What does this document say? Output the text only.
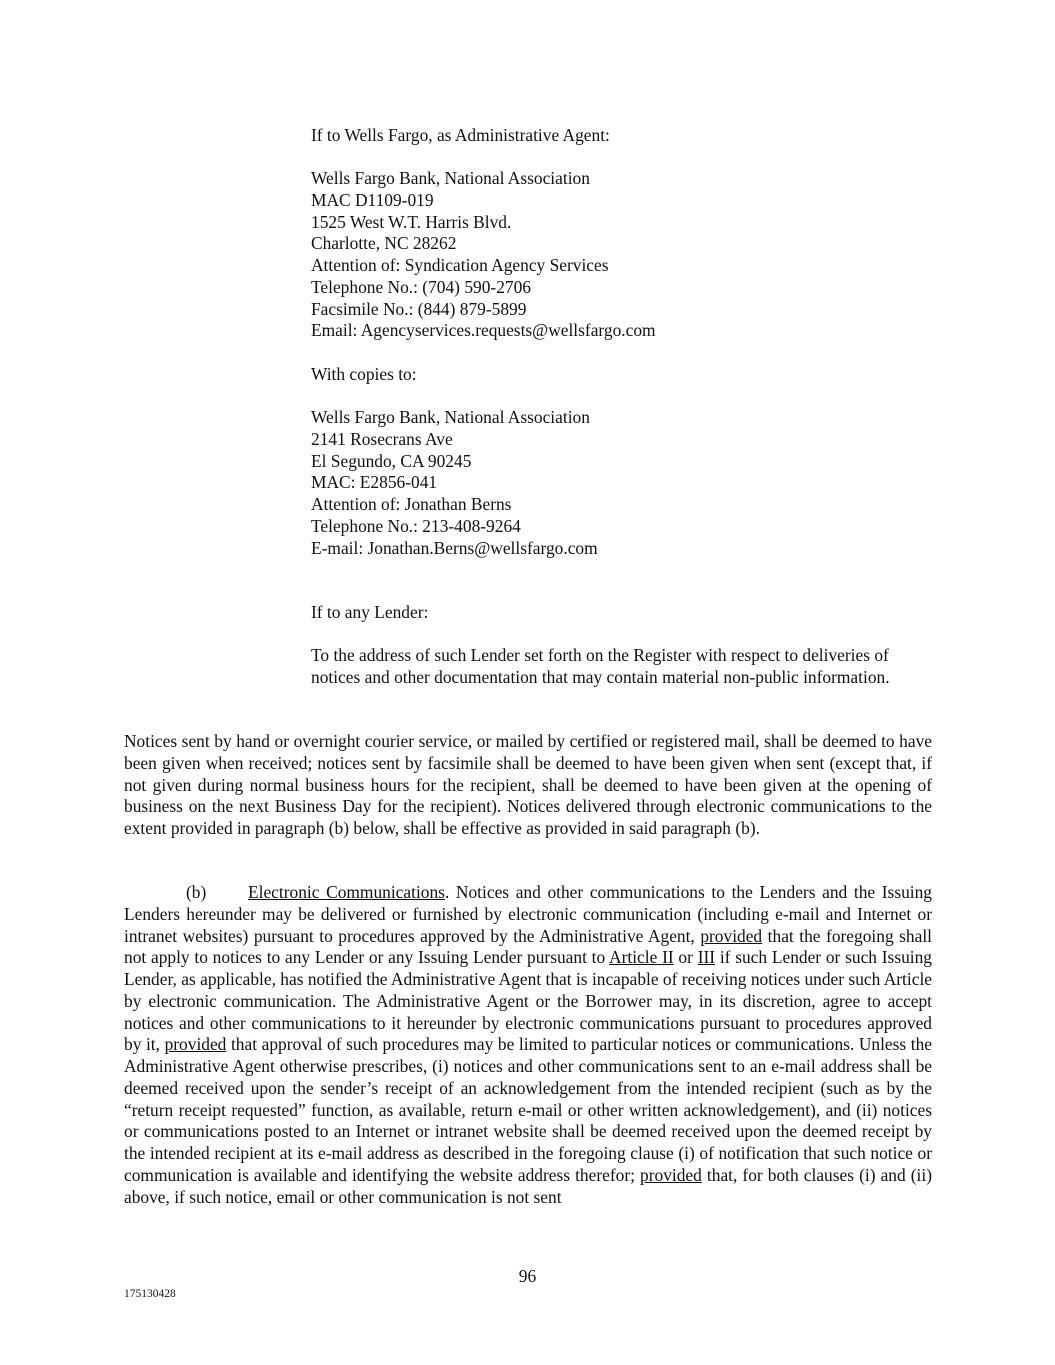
If to Wells Fargo, as Administrative Agent:
Wells Fargo Bank, National Association
MAC D1109-019
1525 West W.T. Harris Blvd.
Charlotte, NC 28262
Attention of: Syndication Agency Services
Telephone No.: (704) 590-2706
Facsimile No.: (844) 879-5899
Email: Agencyservices.requests@wellsfargo.com
With copies to:
Wells Fargo Bank, National Association
2141 Rosecrans Ave
El Segundo, CA 90245
MAC: E2856-041
Attention of: Jonathan Berns
Telephone No.: 213-408-9264
E-mail: Jonathan.Berns@wellsfargo.com
If to any Lender:
To the address of such Lender set forth on the Register with respect to deliveries of notices and other documentation that may contain material non-public information.
Notices sent by hand or overnight courier service, or mailed by certified or registered mail, shall be deemed to have been given when received; notices sent by facsimile shall be deemed to have been given when sent (except that, if not given during normal business hours for the recipient, shall be deemed to have been given at the opening of business on the next Business Day for the recipient). Notices delivered through electronic communications to the extent provided in paragraph (b) below, shall be effective as provided in said paragraph (b).
(b) Electronic Communications. Notices and other communications to the Lenders and the Issuing Lenders hereunder may be delivered or furnished by electronic communication (including e-mail and Internet or intranet websites) pursuant to procedures approved by the Administrative Agent, provided that the foregoing shall not apply to notices to any Lender or any Issuing Lender pursuant to Article II or III if such Lender or such Issuing Lender, as applicable, has notified the Administrative Agent that is incapable of receiving notices under such Article by electronic communication. The Administrative Agent or the Borrower may, in its discretion, agree to accept notices and other communications to it hereunder by electronic communications pursuant to procedures approved by it, provided that approval of such procedures may be limited to particular notices or communications. Unless the Administrative Agent otherwise prescribes, (i) notices and other communications sent to an e-mail address shall be deemed received upon the sender’s receipt of an acknowledgement from the intended recipient (such as by the “return receipt requested” function, as available, return e-mail or other written acknowledgement), and (ii) notices or communications posted to an Internet or intranet website shall be deemed received upon the deemed receipt by the intended recipient at its e-mail address as described in the foregoing clause (i) of notification that such notice or communication is available and identifying the website address therefor; provided that, for both clauses (i) and (ii) above, if such notice, email or other communication is not sent
96
175130428
